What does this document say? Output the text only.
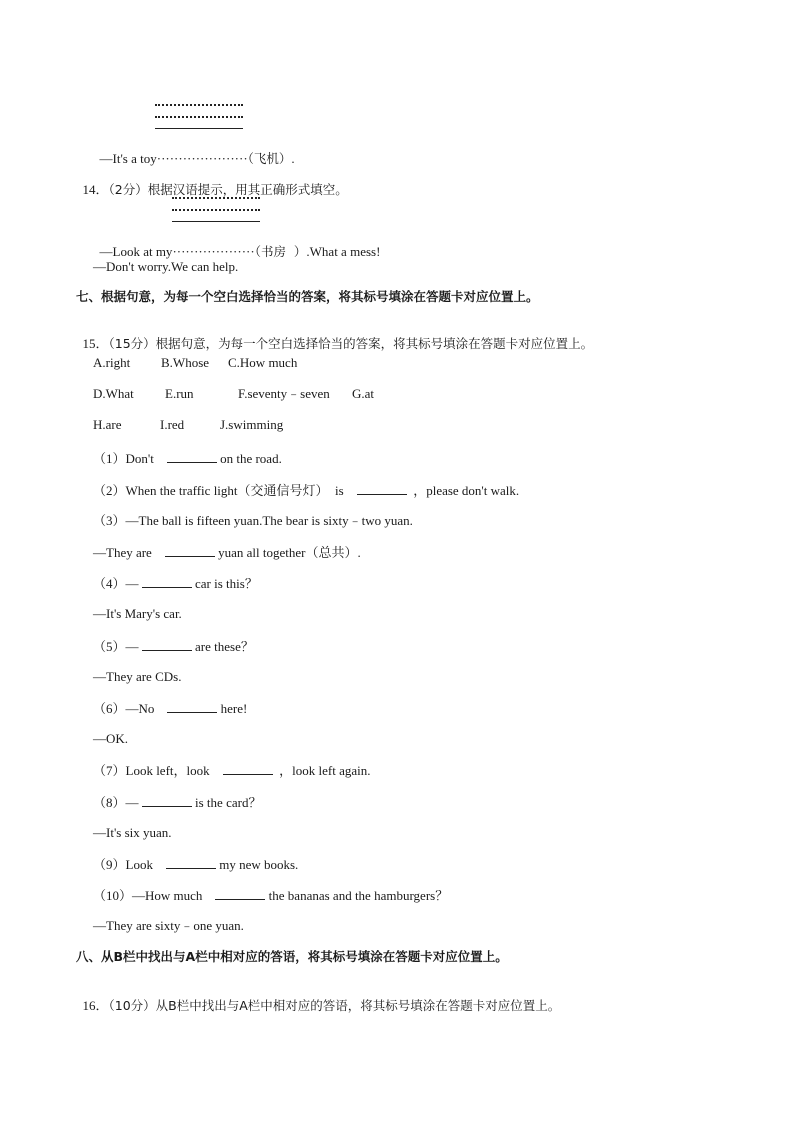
—It's a toy·····················（飞机）.

14．（2分）根据汉语提示，用其正确形式填空。

—Look at my···················（书房  ）.What a mess!

—Don't worry.We can help.
七、根据句意，为每一个空白选择恰当的答案，将其标号填涂在答题卡对应位置上。

15．（15分）根据句意，为每一个空白选择恰当的答案，将其标号填涂在答题卡对应位置上。

A.right B.Whose C.How much
D.What E.run	F.seventy﹣seven G.at
H.are	I.red	J.swimming
（1）Don't	on the road.
（2）When the traffic light（交通信号灯）  is	，please don't walk.
（3）—The ball is fifteen yuan.The bear is sixty﹣two yuan.
—They are	yuan all together（总共）.
（4）—	car is this？
—It's Mary's car.
（5）—	are these？
—They are CDs.
（6）—No	here!
—OK.
（7）Look left，look	，look left again.
（8）—	is the card？
—It's six yuan.
（9）Look	my new books.
（10）—How much	the bananas and the hamburgers？
—They are sixty﹣one yuan.
八、从B栏中找出与A栏中相对应的答语，将其标号填涂在答题卡对应位置上。

16．（10分）从B栏中找出与A栏中相对应的答语，将其标号填涂在答题卡对应位置上。
